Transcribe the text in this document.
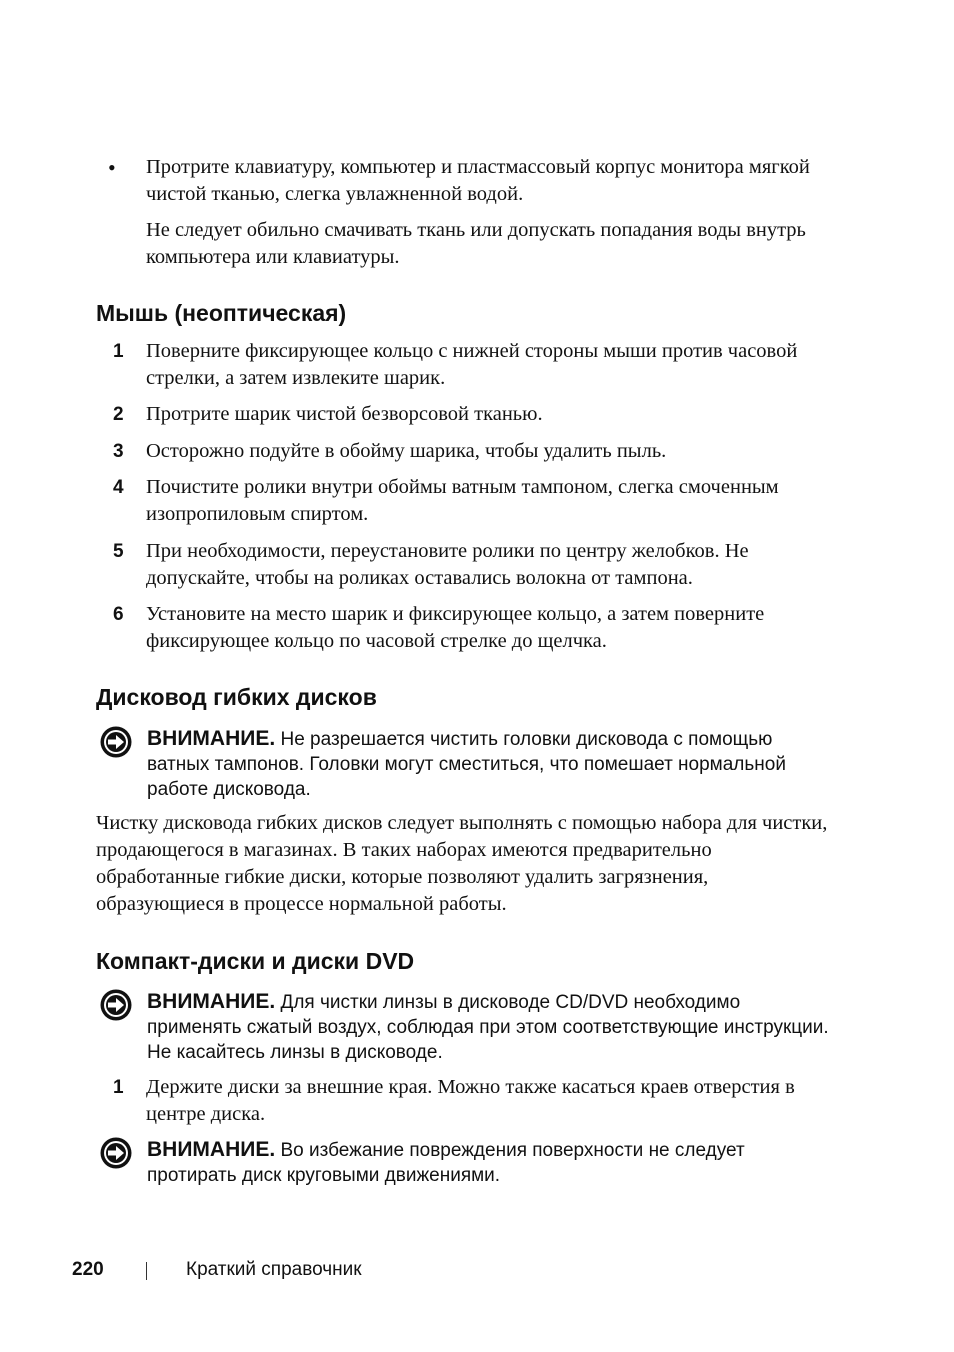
• Протрите клавиатуру, компьютер и пластмассовый корпус монитора мягкой чистой тканью, слегка увлажненной водой.
Не следует обильно смачивать ткань или допускать попадания воды внутрь компьютера или клавиатуры.
Мышь (неоптическая)
1 Поверните фиксирующее кольцо с нижней стороны мыши против часовой стрелки, а затем извлеките шарик.
2 Протрите шарик чистой безворсовой тканью.
3 Осторожно подуйте в обойму шарика, чтобы удалить пыль.
4 Почистите ролики внутри обоймы ватным тампоном, слегка смоченным изопропиловым спиртом.
5 При необходимости, переустановите ролики по центру желобков. Не допускайте, чтобы на роликах оставались волокна от тампона.
6 Установите на место шарик и фиксирующее кольцо, а затем поверните фиксирующее кольцо по часовой стрелке до щелчка.
Дисковод гибких дисков
ВНИМАНИЕ. Не разрешается чистить головки дисковода с помощью ватных тампонов. Головки могут сместиться, что помешает нормальной работе дисковода.
Чистку дисковода гибких дисков следует выполнять с помощью набора для чистки, продающегося в магазинах. В таких наборах имеются предварительно обработанные гибкие диски, которые позволяют удалить загрязнения, образующиеся в процессе нормальной работы.
Компакт-диски и диски DVD
ВНИМАНИЕ. Для чистки линзы в дисководе CD/DVD необходимо применять сжатый воздух, соблюдая при этом соответствующие инструкции. Не касайтесь линзы в дисководе.
1 Держите диски за внешние края. Можно также касаться краев отверстия в центре диска.
ВНИМАНИЕ. Во избежание повреждения поверхности не следует протирать диск круговыми движениями.
220	Краткий справочник
